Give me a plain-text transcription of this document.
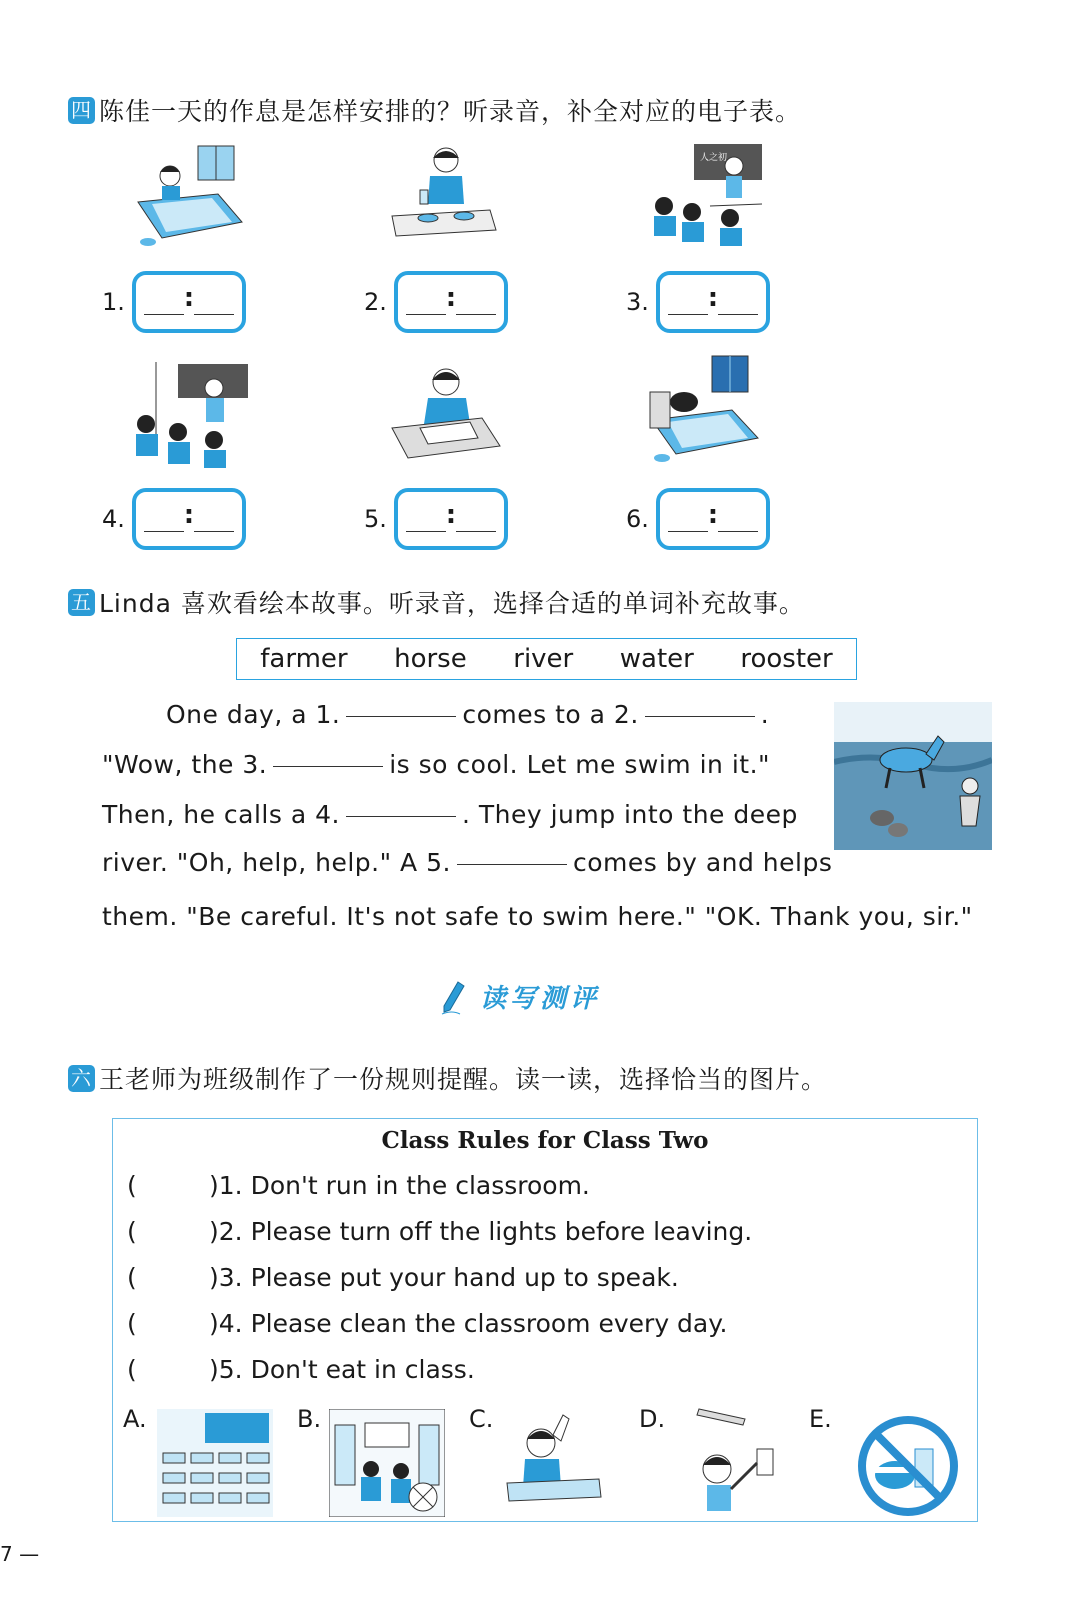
四 陈佳一天的作息是怎样安排的？听录音，补全对应的电子表。
人之初
1. :	2. :	3. :
4. :	5. :	6. :
五 Linda 喜欢看绘本故事。听录音，选择合适的单词补充故事。
farmer horse river water rooster
One day, a 1.	comes to a 2.	.
"Wow, the 3.	is so cool. Let me swim in it."
Then, he calls a 4.	. They jump into the deep
river. "Oh, help, help." A 5.	comes by and helps
them. "Be careful. It's not safe to swim here." "OK. Thank you, sir."
读写测评
六 王老师为班级制作了一份规则提醒。读一读，选择恰当的图片。
Class Rules for Class Two
(	)1. Don't run in the classroom.
(	)2. Please turn off the lights before leaving.
(	)3. Please put your hand up to speak.
(	)4. Please clean the classroom every day.
(	)5. Don't eat in class.
A.	B.	C.	D.	E.
7 —
